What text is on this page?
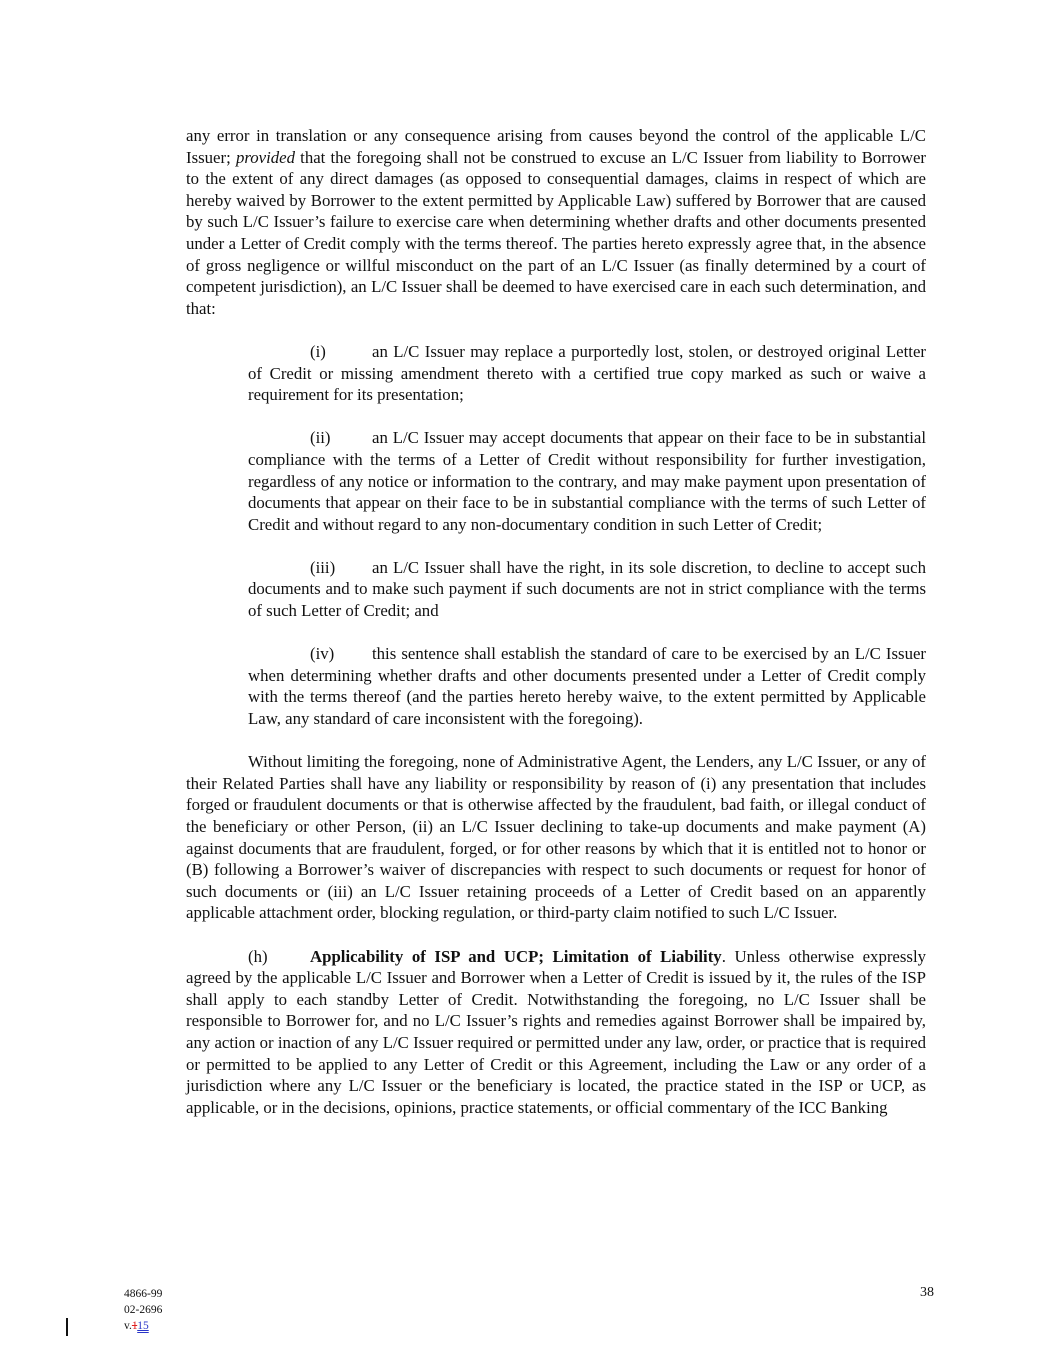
any error in translation or any consequence arising from causes beyond the control of the applicable L/C Issuer; provided that the foregoing shall not be construed to excuse an L/C Issuer from liability to Borrower to the extent of any direct damages (as opposed to consequential damages, claims in respect of which are hereby waived by Borrower to the extent permitted by Applicable Law) suffered by Borrower that are caused by such L/C Issuer’s failure to exercise care when determining whether drafts and other documents presented under a Letter of Credit comply with the terms thereof. The parties hereto expressly agree that, in the absence of gross negligence or willful misconduct on the part of an L/C Issuer (as finally determined by a court of competent jurisdiction), an L/C Issuer shall be deemed to have exercised care in each such determination, and that:

(i)	an L/C Issuer may replace a purportedly lost, stolen, or destroyed original Letter of Credit or missing amendment thereto with a certified true copy marked as such or waive a requirement for its presentation;

(ii) an L/C Issuer may accept documents that appear on their face to be in substantial compliance with the terms of a Letter of Credit without responsibility for further investigation, regardless of any notice or information to the contrary, and may make payment upon presentation of documents that appear on their face to be in substantial compliance with the terms of such Letter of Credit and without regard to any non-documentary condition in such Letter of Credit;

(iii) an L/C Issuer shall have the right, in its sole discretion, to decline to accept such documents and to make such payment if such documents are not in strict compliance with the terms of such Letter of Credit; and

(iv) this sentence shall establish the standard of care to be exercised by an L/C Issuer when determining whether drafts and other documents presented under a Letter of Credit comply with the terms thereof (and the parties hereto hereby waive, to the extent permitted by Applicable Law, any standard of care inconsistent with the foregoing).

Without limiting the foregoing, none of Administrative Agent, the Lenders, any L/C Issuer, or any of their Related Parties shall have any liability or responsibility by reason of (i) any presentation that includes forged or fraudulent documents or that is otherwise affected by the fraudulent, bad faith, or illegal conduct of the beneficiary or other Person, (ii) an L/C Issuer declining to take-up documents and make payment (A) against documents that are fraudulent, forged, or for other reasons by which that it is entitled not to honor or (B) following a Borrower’s waiver of discrepancies with respect to such documents or request for honor of such documents or (iii) an L/C Issuer retaining proceeds of a Letter of Credit based on an apparently applicable attachment order, blocking regulation, or third-party claim notified to such L/C Issuer.

(h)	Applicability of ISP and UCP; Limitation of Liability. Unless otherwise expressly agreed by the applicable L/C Issuer and Borrower when a Letter of Credit is issued by it, the rules of the ISP shall apply to each standby Letter of Credit. Notwithstanding the foregoing, no L/C Issuer shall be responsible to Borrower for, and no L/C Issuer’s rights and remedies against Borrower shall be impaired by, any action or inaction of any L/C Issuer required or permitted under any law, order, or practice that is required or permitted to be applied to any Letter of Credit or this Agreement, including the Law or any order of a jurisdiction where any L/C Issuer or the beneficiary is located, the practice stated in the ISP or UCP, as applicable, or in the decisions, opinions, practice statements, or official commentary of the ICC Banking

4866-99
02-2696
v.115
38
